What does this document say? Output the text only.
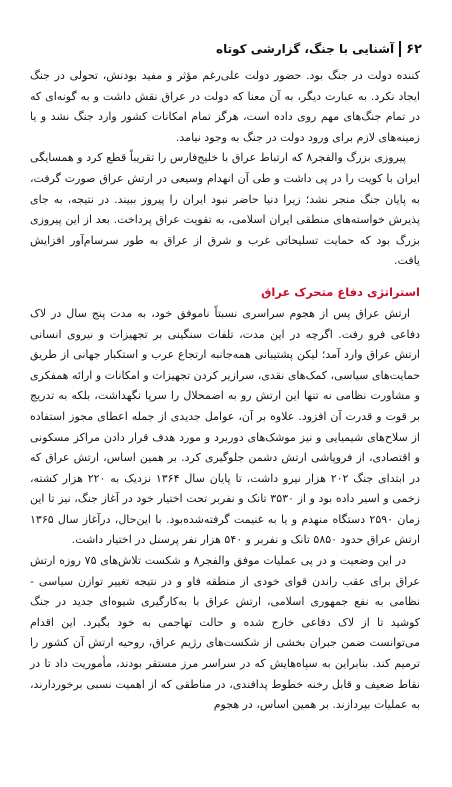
۶۲
آشنایی با جنگ، گزارشی کوتاه

کننده دولت در جنگ بود. حضور دولت علی‌رغم مؤثر و مفید بودنش، تحولی در جنگ ایجاد نکرد. به عبارت دیگر، به آن معنا که دولت در عراق نقش داشت و به گونه‌ای که در تمام جنگ‌های مهم روی داده است، هرگز تمام امکانات کشور وارد جنگ نشد و یا زمینه‌های لازم برای ورود دولت در جنگ به وجود نیامد.

پیروزی بزرگ والفجر۸ که ارتباط عراق با خلیج‌فارس را تقریباً قطع کرد و همسایگی ایران با کویت را در پی داشت و طی آن انهدام وسیعی در ارتش عراق صورت گرفت، به پایان جنگ منجر نشد؛ زیرا دنیا حاضر نبود ایران را پیروز ببیند. در نتیجه، به جای پذیرش خواسته‌های منطقی ایران اسلامی، به تقویت عراق پرداخت. بعد از این پیروزی بزرگ بود که حمایت تسلیحاتی غرب و شرق از عراق به طور سرسام‌آور افزایش یافت.

استراتژی دفاع متحرک عراق

ارتش عراق پس از هجوم سراسری نسبتاً ناموفق خود، به مدت پنج سال در لاک دفاعی فرو رفت. اگرچه در این مدت، تلفات سنگینی بر تجهیزات و نیروی انسانی ارتش عراق وارد آمد؛ لیکن پشتیبانی همه‌جانبه ارتجاع عرب و استکبار جهانی از طریق حمایت‌های سیاسی، کمک‌های نقدی، سرازیر کردن تجهیزات و امکانات و ارائه همفکری و مشاورت نظامی نه تنها این ارتش رو به اضمحلال را سرپا نگهداشت، بلکه به تدریج بر قوت و قدرت آن افزود. علاوه بر آن، عوامل جدیدی از جمله اعطای مجوز استفاده از سلاح‌های شیمیایی و نیز موشک‌های دوربرد و مورد هدف قرار دادن مراکز مسکونی و اقتصادی، از فروپاشی ارتش دشمن جلوگیری کرد. بر همین اساس، ارتش عراق که در ابتدای جنگ ۲۰۲ هزار نیرو داشت، تا پایان سال ۱۳۶۴ نزدیک به ۲۲۰ هزار کشته، زخمی و اسیر داده بود و از ۳۵۳۰ تانک و نفربر تحت اختیار خود در آغاز جنگ، نیز تا این زمان ۲۵۹۰ دستگاه منهدم و یا به غنیمت گرفته‌شده‌بود. با این‌حال، درآغاز سال ۱۳۶۵ ارتش عراق حدود ۵۸۵۰ تانک و نفربر و ۵۴۰ هزار نفر پرسنل در اختیار داشت.

در این وضعیت و در پی عملیات موفق والفجر۸ و شکست تلاش‌های ۷۵ روزه ارتش عراق برای عقب راندن قوای خودی از منطقه فاو و در نتیجه تغییر توازن سیاسی - نظامی به نفع جمهوری اسلامی، ارتش عراق با به‌کارگیری شیوه‌ای جدید در جنگ کوشید تا از لاک دفاعی خارج شده و حالت تهاجمی به خود بگیرد. این اقدام می‌توانست ضمن جبران بخشی از شکست‌های رژیم عراق، روحیه ارتش آن کشور را ترمیم کند. بنابراین به سپاه‌هایش که در سراسر مرز مستقر بودند، مأموریت داد تا در نقاط ضعیف و قابل رخنه خطوط پدافندی، در مناطقی که از اهمیت نسبی برخوردارند، به عملیات بپردازند. بر همین اساس، در هجوم
